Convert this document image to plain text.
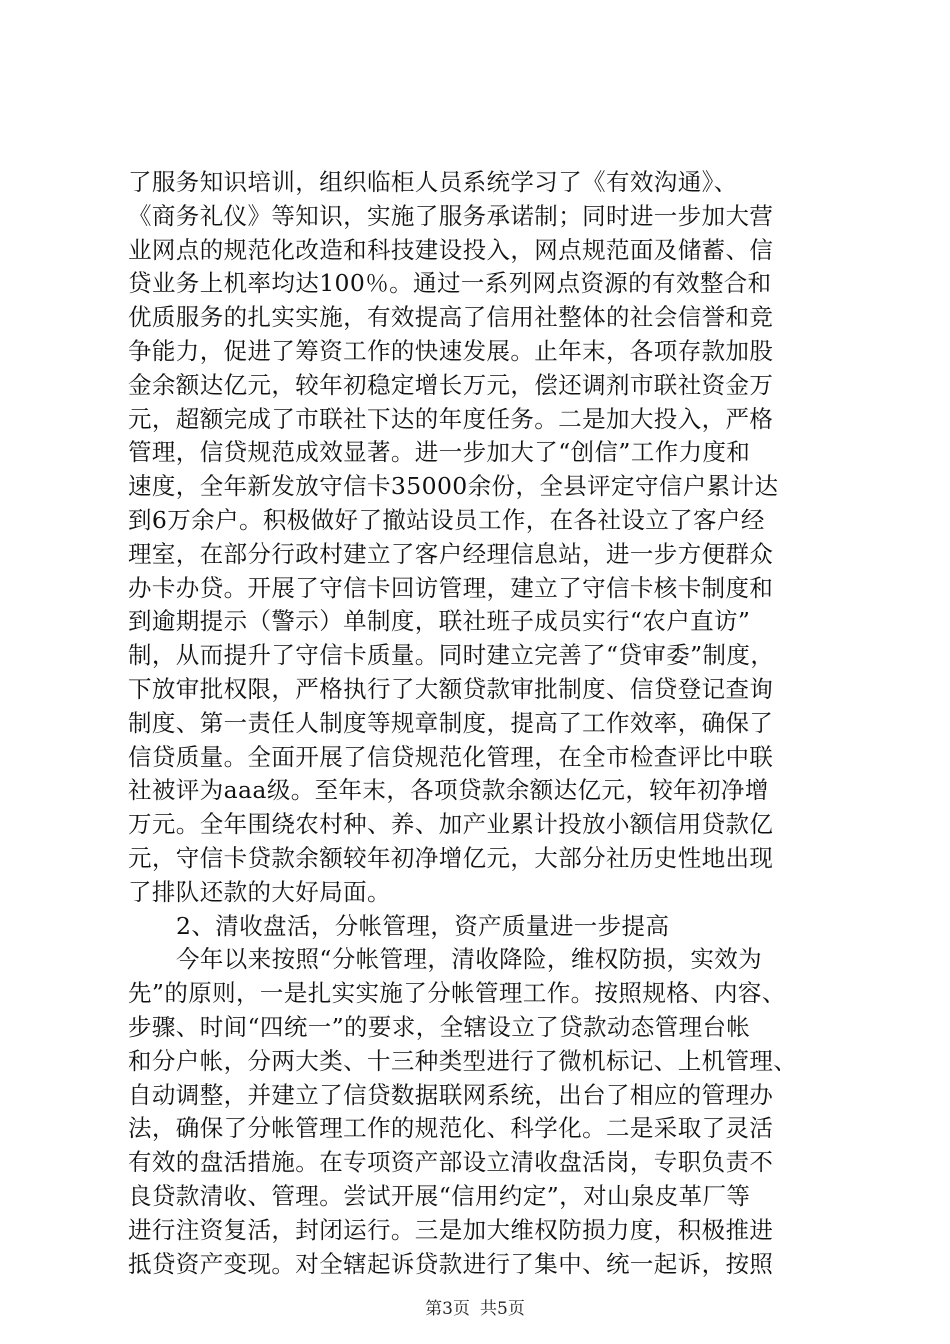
了服务知识培训，组织临柜人员系统学习了《有效沟通》、
《商务礼仪》等知识，实施了服务承诺制；同时进一步加大营
业网点的规范化改造和科技建设投入，网点规范面及储蓄、信
贷业务上机率均达100％。通过一系列网点资源的有效整合和
优质服务的扎实实施，有效提高了信用社整体的社会信誉和竞
争能力，促进了筹资工作的快速发展。止年末，各项存款加股
金余额达亿元，较年初稳定增长万元，偿还调剂市联社资金万
元，超额完成了市联社下达的年度任务。二是加大投入，严格
管理，信贷规范成效显著。进一步加大了“创信”工作力度和
速度，全年新发放守信卡35000余份，全县评定守信户累计达
到6万余户。积极做好了撤站设员工作，在各社设立了客户经
理室，在部分行政村建立了客户经理信息站，进一步方便群众
办卡办贷。开展了守信卡回访管理，建立了守信卡核卡制度和
到逾期提示（警示）单制度，联社班子成员实行“农户直访”
制，从而提升了守信卡质量。同时建立完善了“贷审委”制度，
下放审批权限，严格执行了大额贷款审批制度、信贷登记查询
制度、第一责任人制度等规章制度，提高了工作效率，确保了
信贷质量。全面开展了信贷规范化管理，在全市检查评比中联
社被评为aaa级。至年末，各项贷款余额达亿元，较年初净增
万元。全年围绕农村种、养、加产业累计投放小额信用贷款亿
元，守信卡贷款余额较年初净增亿元，大部分社历史性地出现
了排队还款的大好局面。
2、清收盘活，分帐管理，资产质量进一步提高
今年以来按照“分帐管理，清收降险，维权防损，实效为
先”的原则，一是扎实实施了分帐管理工作。按照规格、内容、
步骤、时间“四统一”的要求，全辖设立了贷款动态管理台帐
和分户帐，分两大类、十三种类型进行了微机标记、上机管理、
自动调整，并建立了信贷数据联网系统，出台了相应的管理办
法，确保了分帐管理工作的规范化、科学化。二是采取了灵活
有效的盘活措施。在专项资产部设立清收盘活岗，专职负责不
良贷款清收、管理。尝试开展“信用约定”，对山泉皮革厂等
进行注资复活，封闭运行。三是加大维权防损力度，积极推进
抵贷资产变现。对全辖起诉贷款进行了集中、统一起诉，按照
第3页 共5页
